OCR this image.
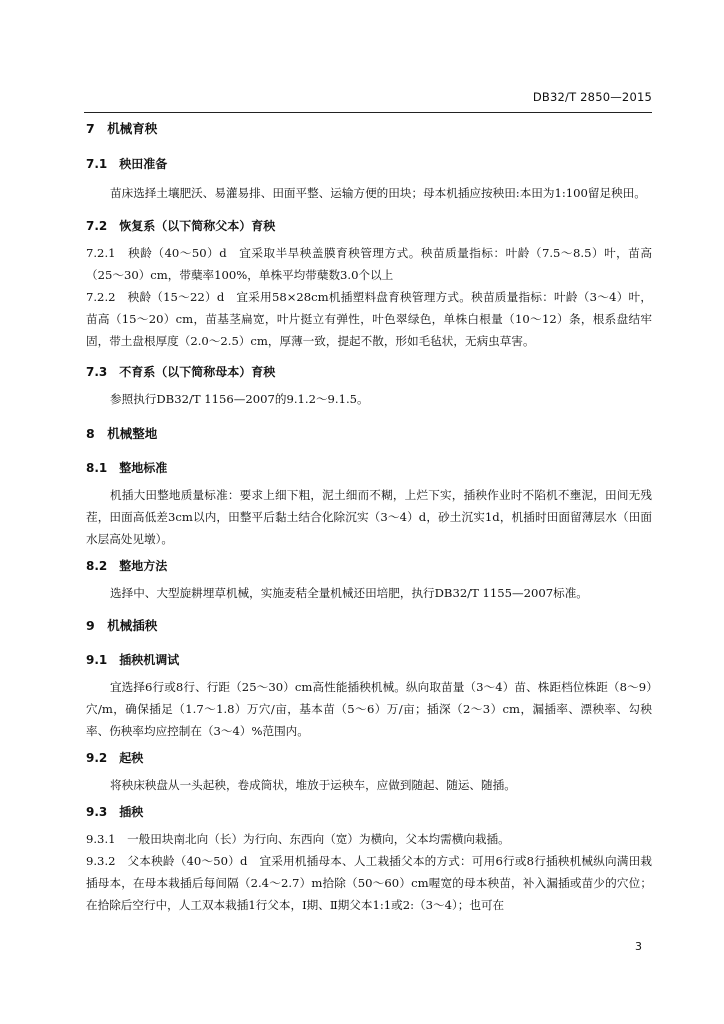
DB32/T 2850—2015

7　机械育秧

7.1　秧田准备

苗床选择土壤肥沃、易灌易排、田面平整、运输方便的田块；母本机插应按秧田:本田为1:100留足秧田。

7.2　恢复系（以下简称父本）育秧

7.2.1　秧龄（40～50）d　宜采取半旱秧盖膜育秧管理方式。秧苗质量指标：叶龄（7.5～8.5）叶，苗高（25～30）cm，带蘖率100%，单株平均带蘖数3.0个以上

7.2.2　秧龄（15～22）d　宜采用58×28cm机插塑料盘育秧管理方式。秧苗质量指标：叶龄（3～4）叶，苗高（15～20）cm，苗基茎扁宽，叶片挺立有弹性，叶色翠绿色，单株白根量（10～12）条，根系盘结牢固，带土盘根厚度（2.0～2.5）cm，厚薄一致，提起不散，形如毛毡状，无病虫草害。

7.3　不育系（以下简称母本）育秧

参照执行DB32/T 1156—2007的9.1.2～9.1.5。

8　机械整地

8.1　整地标准

机插大田整地质量标准：要求上细下粗，泥土细而不糊，上烂下实，插秧作业时不陷机不壅泥，田间无残茬，田面高低差3cm以内，田整平后黏土结合化除沉实（3～4）d，砂土沉实1d，机插时田面留薄层水（田面水层高处见墩）。

8.2　整地方法

选择中、大型旋耕埋草机械，实施麦秸全量机械还田培肥，执行DB32/T 1155—2007标准。

9　机械插秧

9.1　插秧机调试

宜选择6行或8行、行距（25～30）cm高性能插秧机械。纵向取苗量（3～4）苗、株距档位株距（8～9）穴/m，确保插足（1.7～1.8）万穴/亩，基本苗（5～6）万/亩；插深（2～3）cm，漏插率、漂秧率、勾秧率、伤秧率均应控制在（3～4）%范围内。

9.2　起秧

将秧床秧盘从一头起秧，卷成筒状，堆放于运秧车，应做到随起、随运、随插。

9.3　插秧

9.3.1　一般田块南北向（长）为行向、东西向（宽）为横向，父本均需横向栽插。

9.3.2　父本秧龄（40～50）d　宜采用机插母本、人工栽插父本的方式：可用6行或8行插秧机械纵向满田栽插母本，在母本栽插后每间隔（2.4～2.7）m拾除（50～60）cm喔宽的母本秧苗，补入漏插或苗少的穴位；在拾除后空行中，人工双本栽插1行父本，Ⅰ期、Ⅱ期父本1:1或2:（3～4）；也可在

3
